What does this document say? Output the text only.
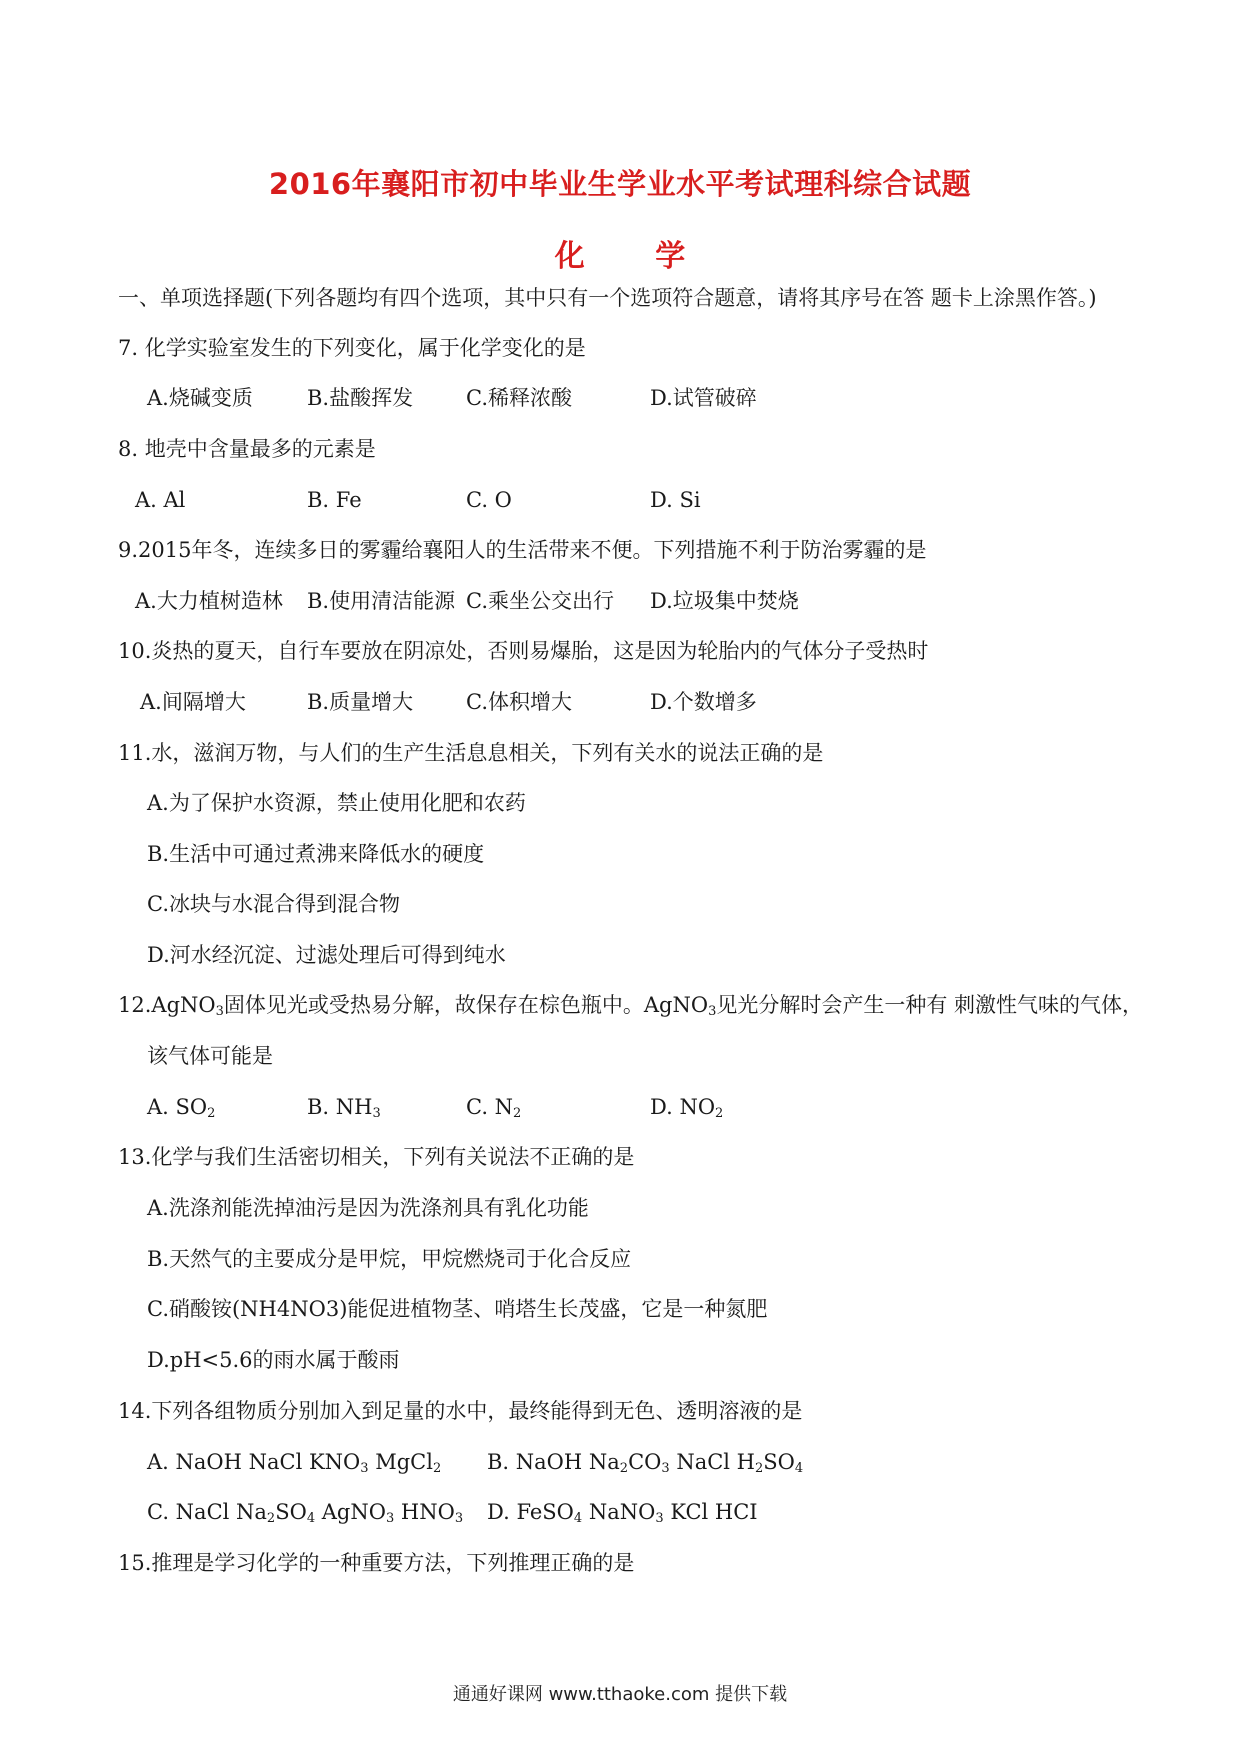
2016年襄阳市初中毕业生学业水平考试理科综合试题
化 学
一、单项选择题(下列各题均有四个选项，其中只有一个选项符合题意，请将其序号在答 题卡上涂黑作答。)
7. 化学实验室发生的下列变化，属于化学变化的是
A.烧碱变质	B.盐酸挥发	C.稀释浓酸	D.试管破碎
8. 地壳中含量最多的元素是
A. Al	B. Fe	C. O	D. Si
9.2015年冬，连续多日的雾霾给襄阳人的生活带来不便。下列措施不利于防治雾霾的是
A.大力植树造林 B.使用清洁能源 C.乘坐公交出行 D.垃圾集中焚烧
10.炎热的夏天，自行车要放在阴凉处，否则易爆胎，这是因为轮胎内的气体分子受热时
A.间隔增大	B.质量增大	C.体积增大	D.个数增多
11.水，滋润万物，与人们的生产生活息息相关，下列有关水的说法正确的是
A.为了保护水资源，禁止使用化肥和农药
B.生活中可通过煮沸来降低水的硬度
C.冰块与水混合得到混合物
D.河水经沉淀、过滤处理后可得到纯水
12.AgNO$_3$固体见光或受热易分解，故保存在棕色瓶中。AgNO$_3$见光分解时会产生一种有 刺激性气味的气体，
该气体可能是
A. $SO_2$	B. $NH_3$	C. $N_2$	D. $NO_2$
13.化学与我们生活密切相关，下列有关说法不正确的是
A.洗涤剂能洗掉油污是因为洗涤剂具有乳化功能
B.天然气的主要成分是甲烷，甲烷燃烧司于化合反应
C.硝酸铵(NH4NO3)能促进植物茎、哨塔生长茂盛，它是一种氮肥
D.pH<5.6的雨水属于酸雨
14.下列各组物质分别加入到足量的水中，最终能得到无色、透明溶液的是
A. NaOH NaCl $KNO_3$ MgCl$_2$ B. NaOH $Na_2CO_3$ NaCl $H_2SO_4$
C. NaCl $Na_2SO_4$ AgNO$_3$ $HNO_3$ D. FeSO$_4$ NaNO$_3$ KCl HCI
15.推理是学习化学的一种重要方法，下列推理正确的是
通通好课网 www.tthaoke.com 提供下载
